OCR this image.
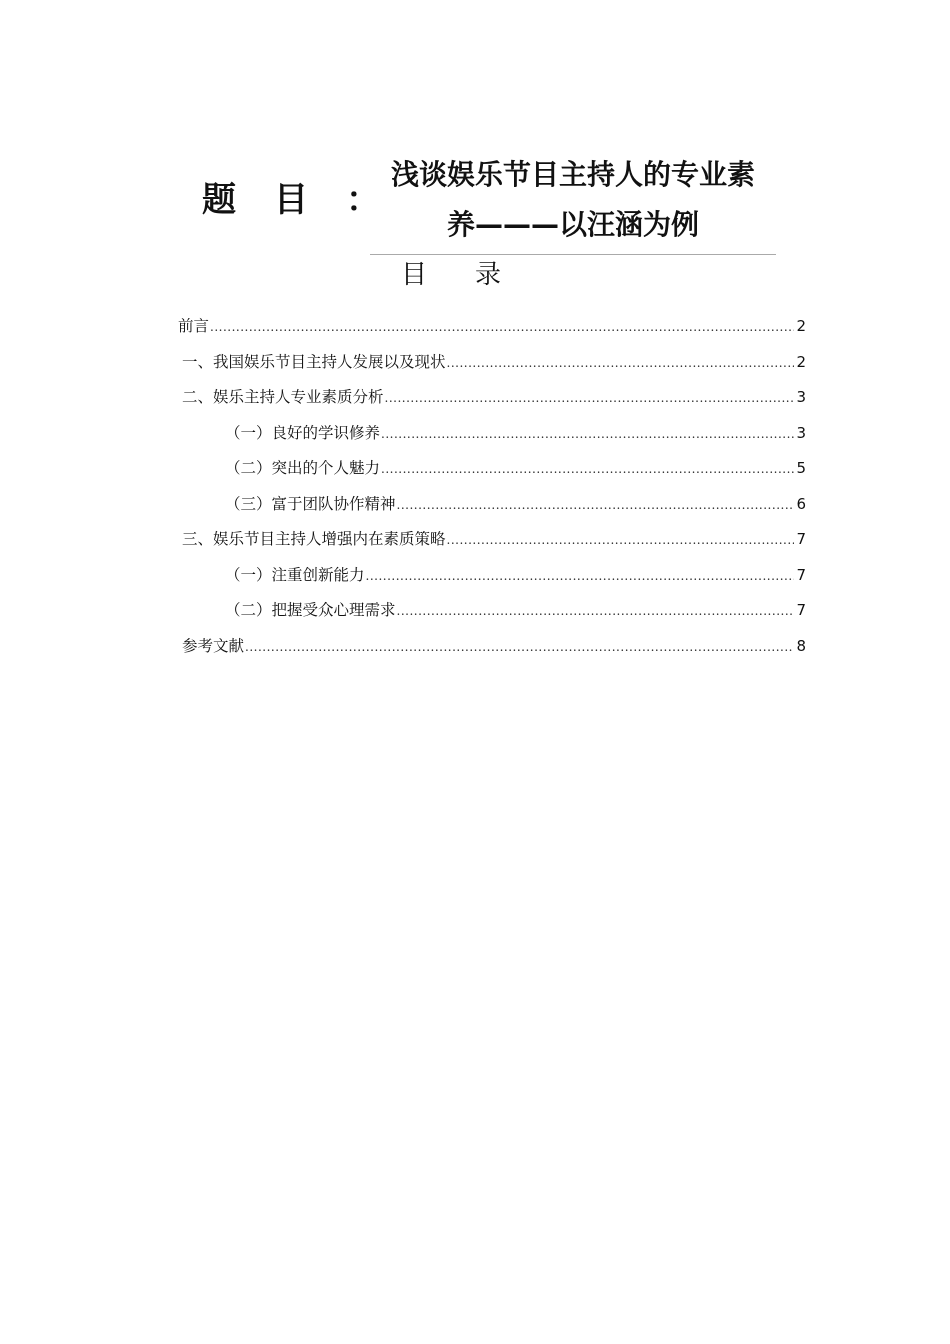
题目：
浅谈娱乐节目主持人的专业素
养———以汪涵为例
目录
前言 .....	2
一、我国娱乐节目主持人发展以及现状 .....	2
二、娱乐主持人专业素质分析 .....	3
（一）良好的学识修养 .....	3
（二）突出的个人魅力 .....	5
（三）富于团队协作精神 .....	6
三、娱乐节目主持人增强内在素质策略 .....	7
（一）注重创新能力 .....	7
（二）把握受众心理需求 .....	7
参考文献 .....	8
